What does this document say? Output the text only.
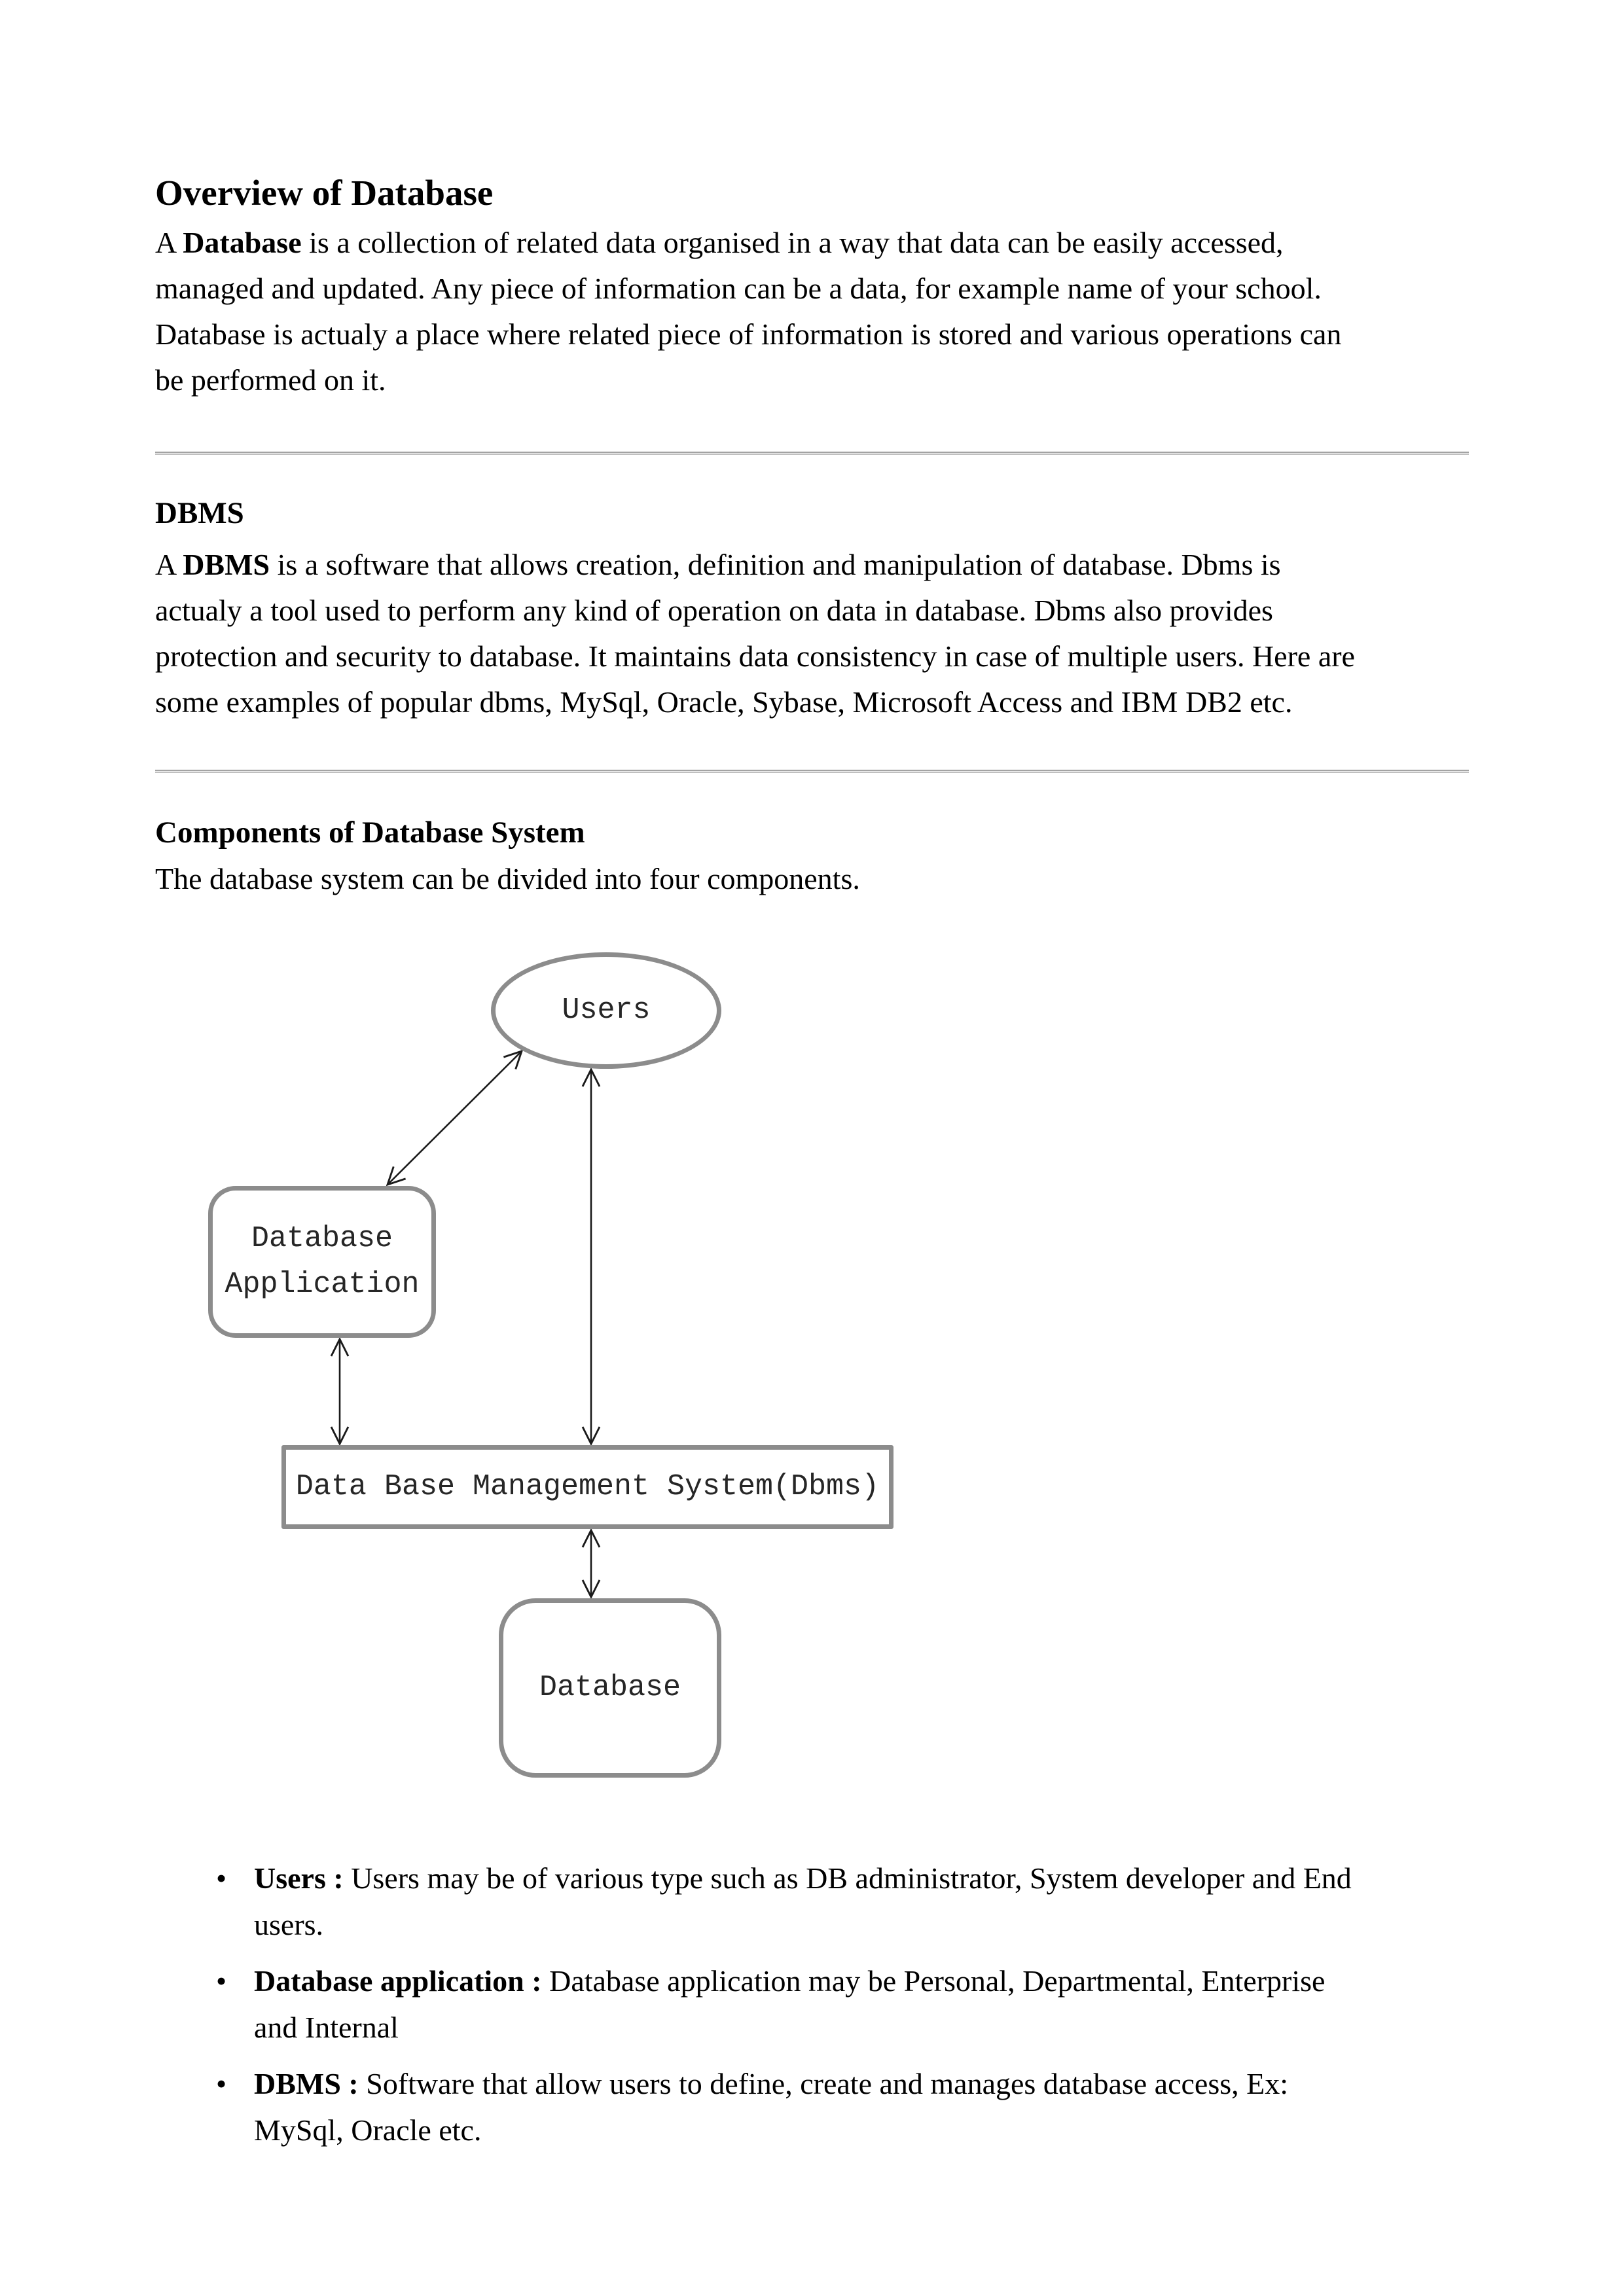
Overview of Database
A Database is a collection of related data organised in a way that data can be easily accessed,
managed and updated. Any piece of information can be a data, for example name of your school.
Database is actualy a place where related piece of information is stored and various operations can
be performed on it.
DBMS
A DBMS is a software that allows creation, definition and manipulation of database. Dbms is
actualy a tool used to perform any kind of operation on data in database. Dbms also provides
protection and security to database. It maintains data consistency in case of multiple users. Here are
some examples of popular dbms, MySql, Oracle, Sybase, Microsoft Access and IBM DB2 etc.
Components of Database System
The database system can be divided into four components.
Users
Database
Application
Data Base Management System(Dbms)
Database
• Users : Users may be of various type such as DB administrator, System developer and End
users.
• Database application : Database application may be Personal, Departmental, Enterprise
and Internal
• DBMS : Software that allow users to define, create and manages database access, Ex:
MySql, Oracle etc.
